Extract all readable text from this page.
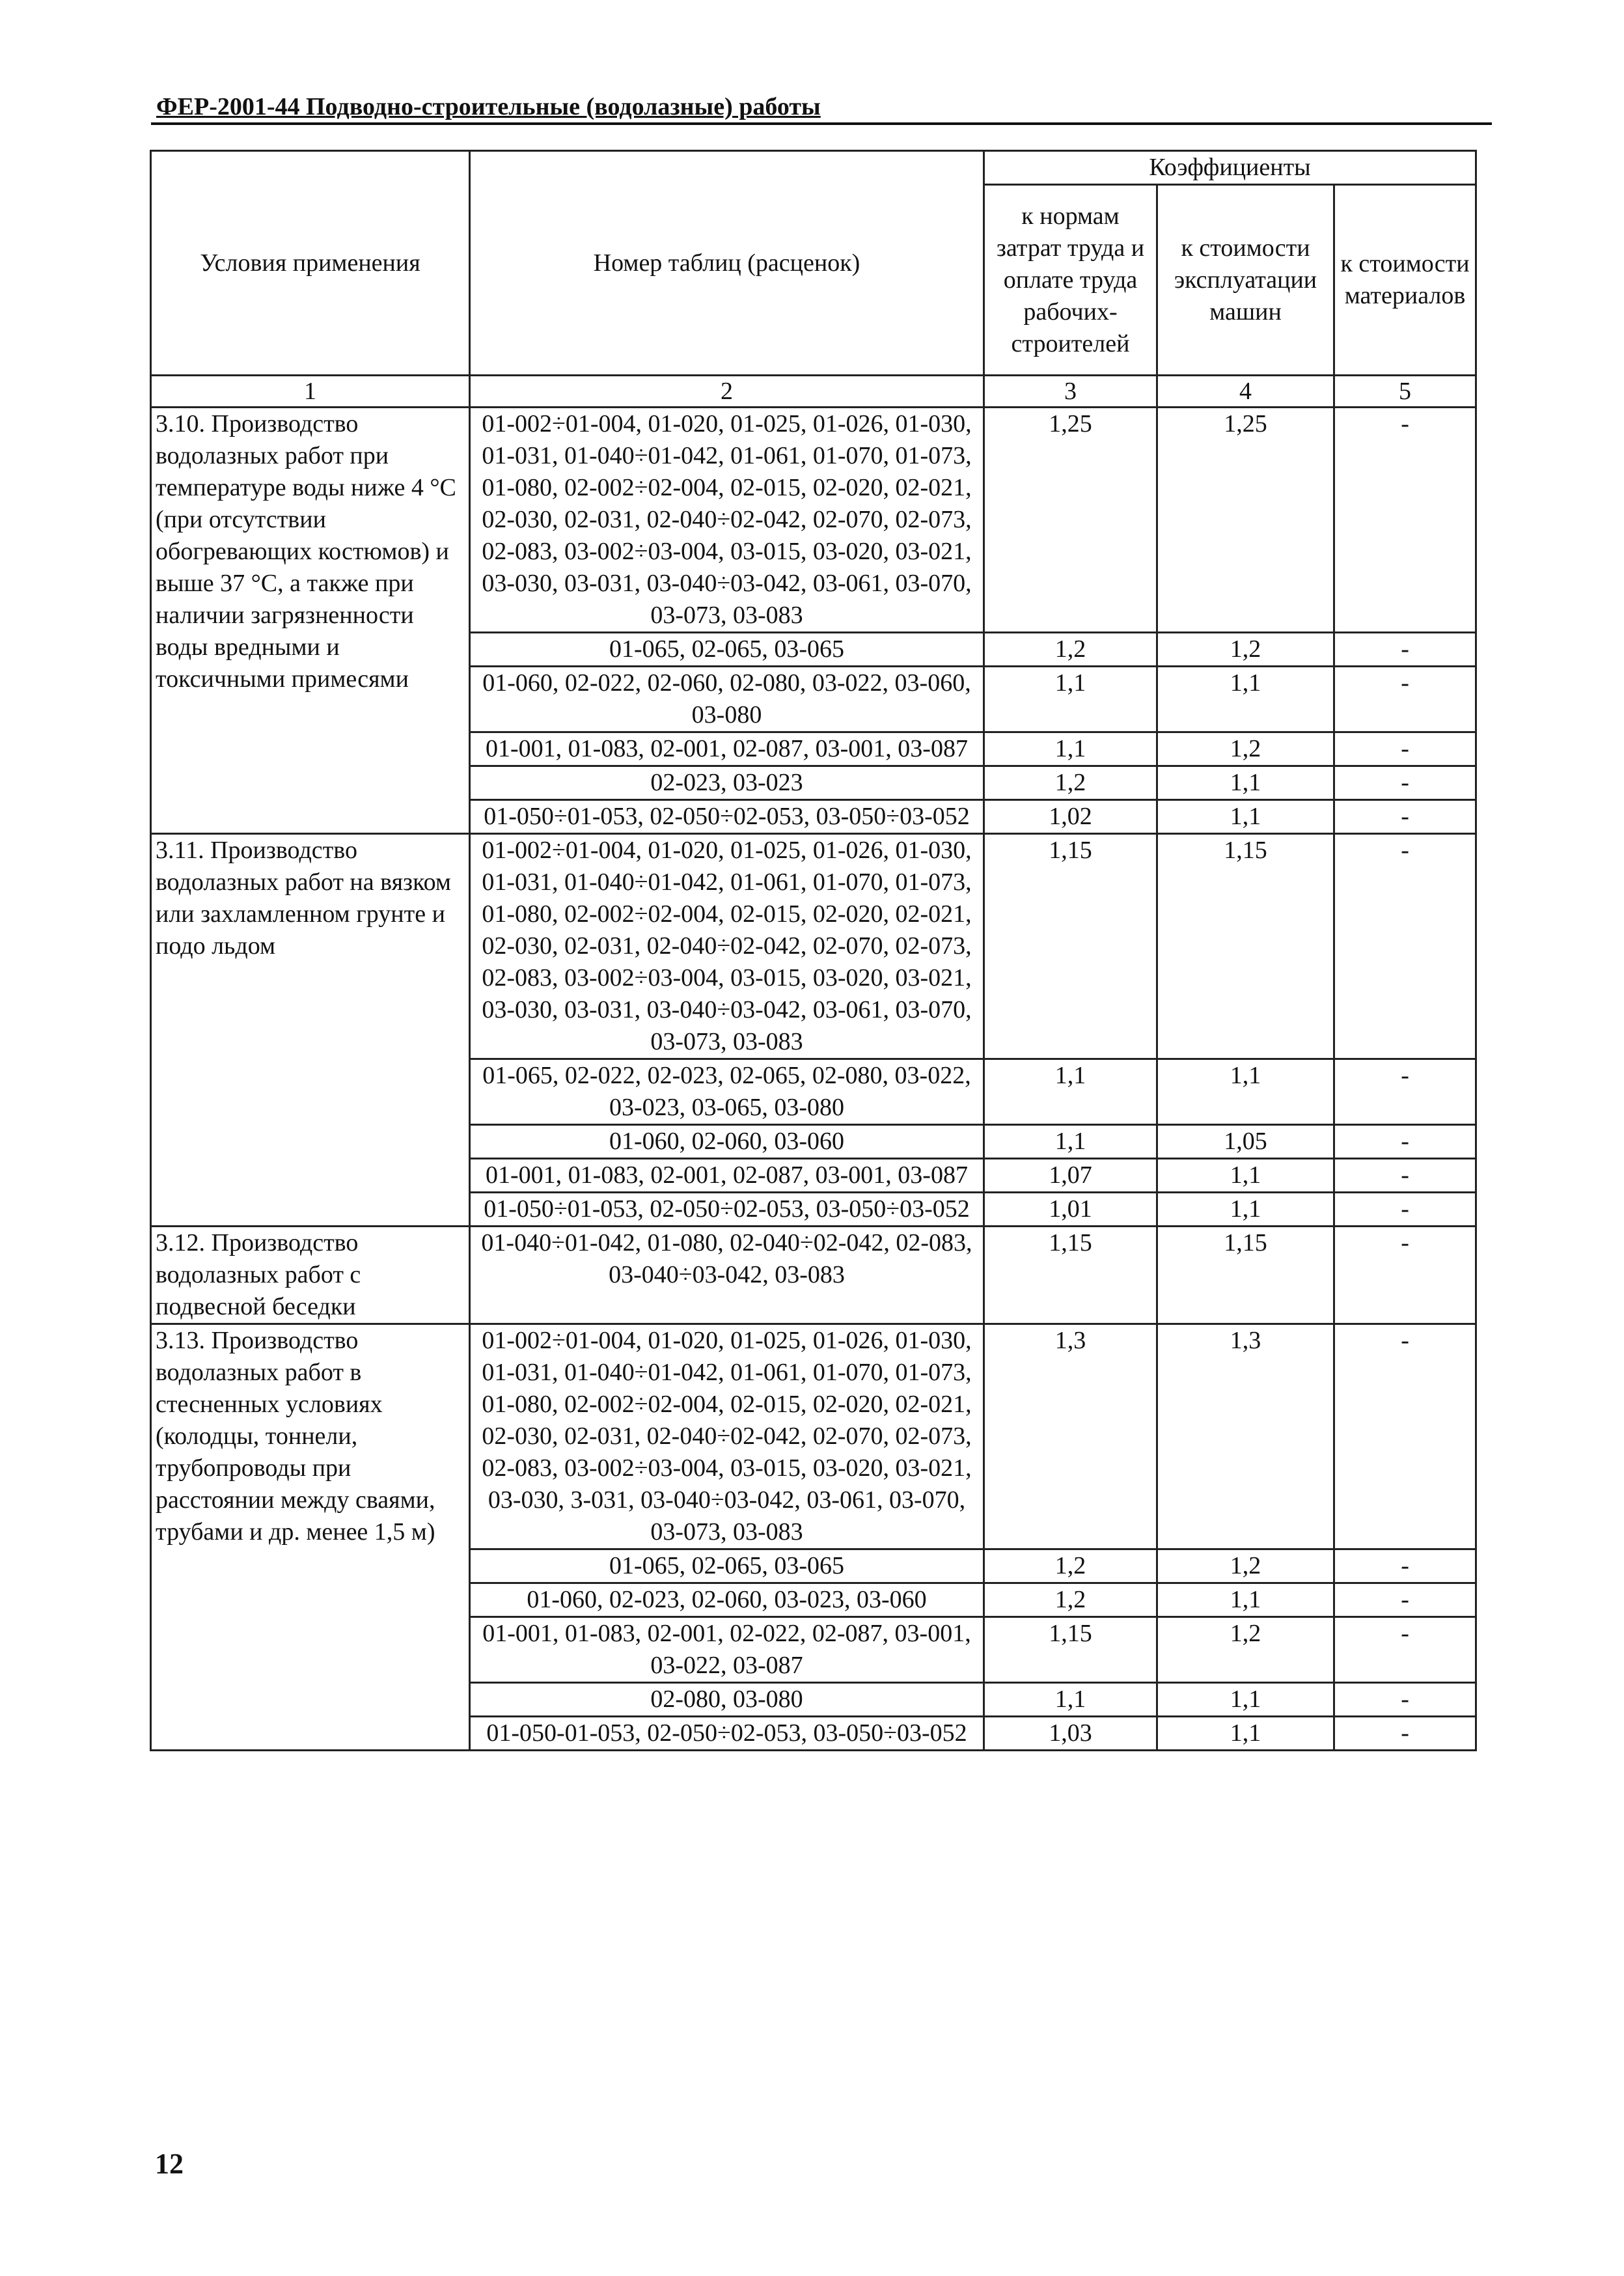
ФЕР-2001-44 Подводно-строительные (водолазные) работы
Условия применения	Номер таблиц (расценок)	Коэффициенты		
		к нормам затрат труда и оплате труда рабочих-строителей	к стоимости эксплуатации машин	к стоимости материалов
1	2	3	4	5
3.10. Производство водолазных работ при температуре воды ниже 4 °С (при отсутствии обогревающих костюмов) и выше 37 °С, а также при наличии загрязненности воды вредными и токсичными примесями	01-002÷01-004, 01-020, 01-025, 01-026, 01-030, 01-031, 01-040÷01-042, 01-061, 01-070, 01-073, 01-080, 02-002÷02-004, 02-015, 02-020, 02-021, 02-030, 02-031, 02-040÷02-042, 02-070, 02-073, 02-083, 03-002÷03-004, 03-015, 03-020, 03-021, 03-030, 03-031, 03-040÷03-042, 03-061, 03-070, 03-073, 03-083	1,25	1,25	-
	01-065, 02-065, 03-065	1,2	1,2	-
	01-060, 02-022, 02-060, 02-080, 03-022, 03-060, 03-080	1,1	1,1	-
	01-001, 01-083, 02-001, 02-087, 03-001, 03-087	1,1	1,2	-
	02-023, 03-023	1,2	1,1	-
	01-050÷01-053, 02-050÷02-053, 03-050÷03-052	1,02	1,1	-
3.11. Производство водолазных работ на вязком или захламленном грунте и подо льдом	01-002÷01-004, 01-020, 01-025, 01-026, 01-030, 01-031, 01-040÷01-042, 01-061, 01-070, 01-073, 01-080, 02-002÷02-004, 02-015, 02-020, 02-021, 02-030, 02-031, 02-040÷02-042, 02-070, 02-073, 02-083, 03-002÷03-004, 03-015, 03-020, 03-021, 03-030, 03-031, 03-040÷03-042, 03-061, 03-070, 03-073, 03-083	1,15	1,15	-
	01-065, 02-022, 02-023, 02-065, 02-080, 03-022, 03-023, 03-065, 03-080	1,1	1,1	-
	01-060, 02-060, 03-060	1,1	1,05	-
	01-001, 01-083, 02-001, 02-087, 03-001, 03-087	1,07	1,1	-
	01-050÷01-053, 02-050÷02-053, 03-050÷03-052	1,01	1,1	-
3.12. Производство водолазных работ с подвесной беседки	01-040÷01-042, 01-080, 02-040÷02-042, 02-083, 03-040÷03-042, 03-083	1,15	1,15	-
3.13. Производство водолазных работ в стесненных условиях (колодцы, тоннели, трубопроводы при расстоянии между сваями, трубами и др. менее 1,5 м)	01-002÷01-004, 01-020, 01-025, 01-026, 01-030, 01-031, 01-040÷01-042, 01-061, 01-070, 01-073, 01-080, 02-002÷02-004, 02-015, 02-020, 02-021, 02-030, 02-031, 02-040÷02-042, 02-070, 02-073, 02-083, 03-002÷03-004, 03-015, 03-020, 03-021, 03-030, 3-031, 03-040÷03-042, 03-061, 03-070, 03-073, 03-083	1,3	1,3	-
	01-065, 02-065, 03-065	1,2	1,2	-
	01-060, 02-023, 02-060, 03-023, 03-060	1,2	1,1	-
	01-001, 01-083, 02-001, 02-022, 02-087, 03-001, 03-022, 03-087	1,15	1,2	-
	02-080, 03-080	1,1	1,1	-
	01-050-01-053, 02-050÷02-053, 03-050÷03-052	1,03	1,1	-
12
